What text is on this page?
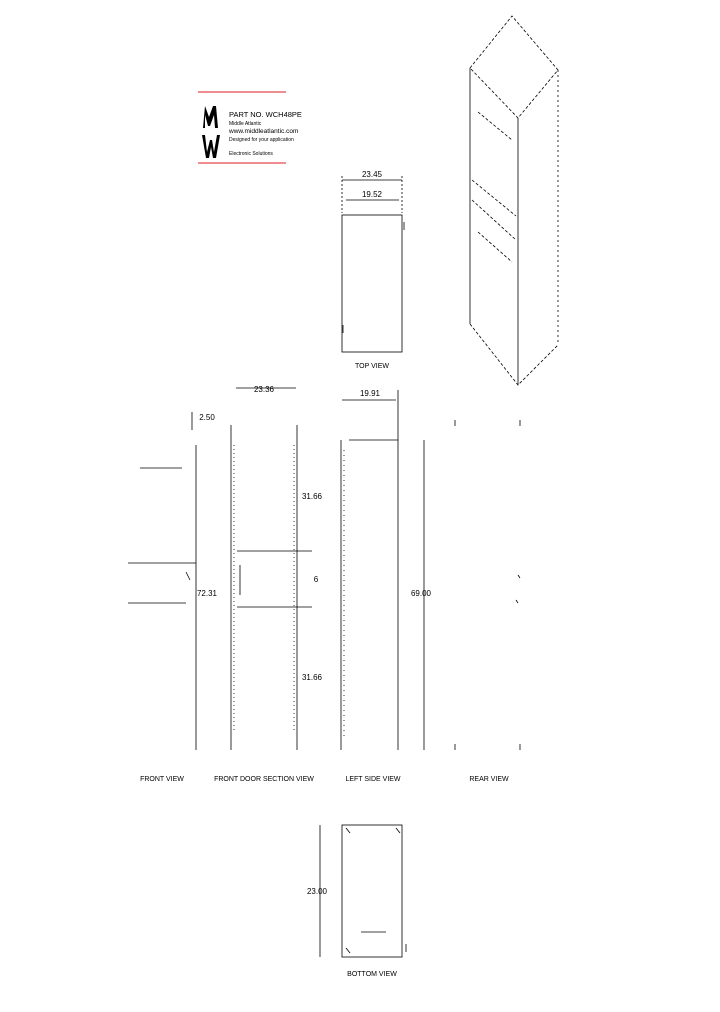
PART NO. WCH48PE
Middle Atlantic
www.middleatlantic.com
Designed for your application
Electronic Solutions
23.45
19.52
TOP VIEW
2.50
72.31
FRONT VIEW
23.36
31.66
6
31.66
FRONT DOOR SECTION VIEW
19.91
69.00
LEFT SIDE VIEW	REAR VIEW
23.00
BOTTOM VIEW
